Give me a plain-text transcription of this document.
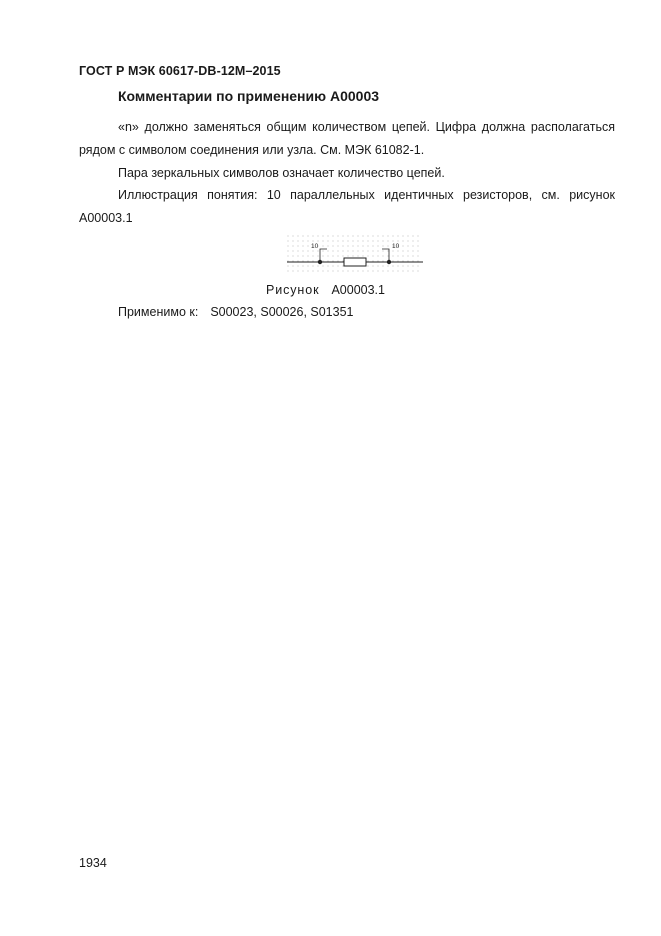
ГОСТ Р МЭК 60617-DB-12M–2015
Комментарии по применению A00003

«n» должно заменяться общим количеством цепей. Цифра должна располагаться рядом с символом соединения или узла. См. МЭК 61082-1.

Пара зеркальных символов означает количество цепей.

Иллюстрация понятия: 10 параллельных идентичных резисторов, см. рисунок A00003.1

10	10
Рисунок A00003.1
Применимо к: S00023, S00026, S01351
1934
